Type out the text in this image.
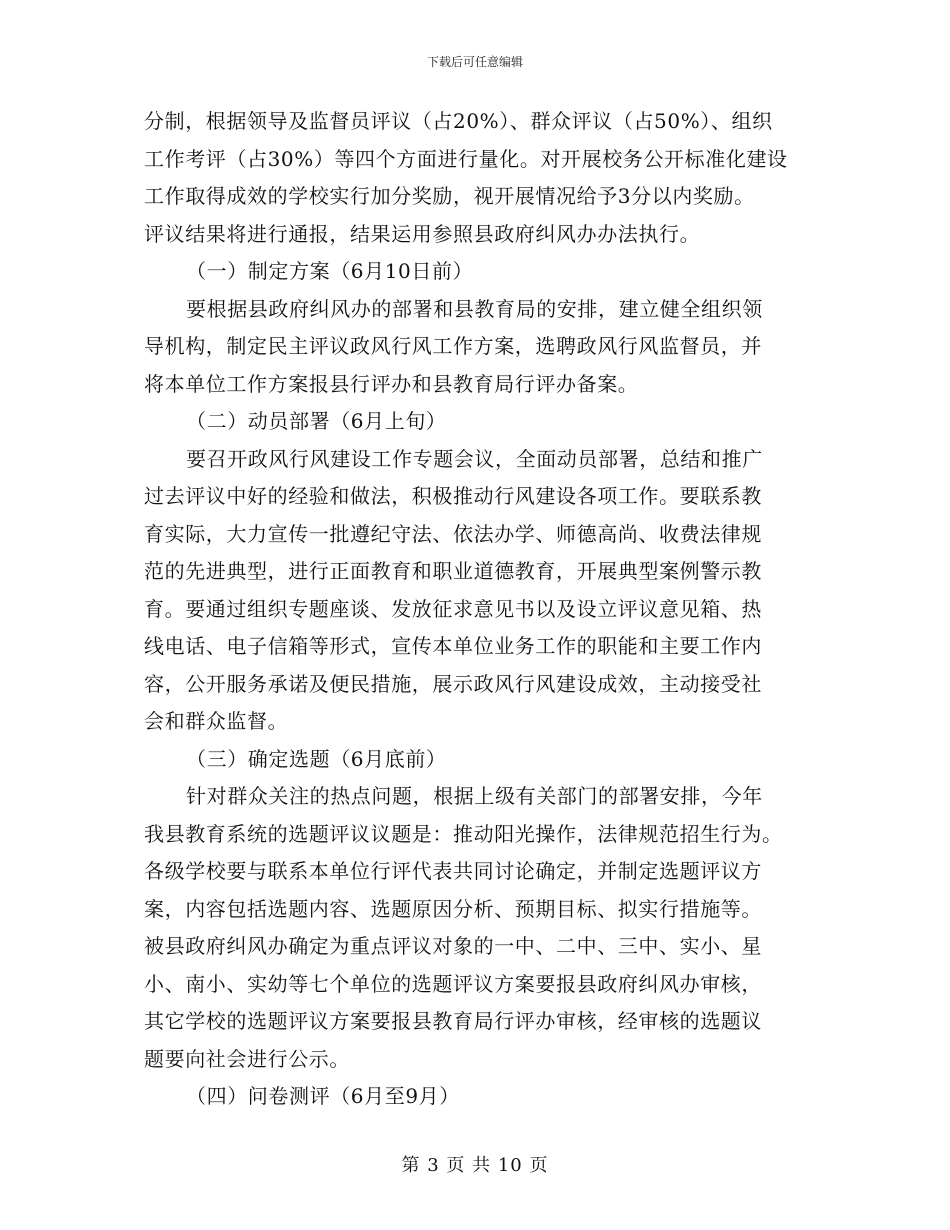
下载后可任意编辑
分制，根据领导及监督员评议（占20%）、群众评议（占50%）、组织
工作考评（占30%）等四个方面进行量化。对开展校务公开标准化建设
工作取得成效的学校实行加分奖励，视开展情况给予3分以内奖励。
评议结果将进行通报，结果运用参照县政府纠风办办法执行。
（一）制定方案（6月10日前）
要根据县政府纠风办的部署和县教育局的安排，建立健全组织领
导机构，制定民主评议政风行风工作方案，选聘政风行风监督员，并
将本单位工作方案报县行评办和县教育局行评办备案。
（二）动员部署（6月上旬）
要召开政风行风建设工作专题会议，全面动员部署，总结和推广
过去评议中好的经验和做法，积极推动行风建设各项工作。要联系教
育实际，大力宣传一批遵纪守法、依法办学、师德高尚、收费法律规
范的先进典型，进行正面教育和职业道德教育，开展典型案例警示教
育。要通过组织专题座谈、发放征求意见书以及设立评议意见箱、热
线电话、电子信箱等形式，宣传本单位业务工作的职能和主要工作内
容，公开服务承诺及便民措施，展示政风行风建设成效，主动接受社
会和群众监督。
（三）确定选题（6月底前）
针对群众关注的热点问题，根据上级有关部门的部署安排，今年
我县教育系统的选题评议议题是：推动阳光操作，法律规范招生行为。
各级学校要与联系本单位行评代表共同讨论确定，并制定选题评议方
案，内容包括选题内容、选题原因分析、预期目标、拟实行措施等。
被县政府纠风办确定为重点评议对象的一中、二中、三中、实小、星
小、南小、实幼等七个单位的选题评议方案要报县政府纠风办审核，
其它学校的选题评议方案要报县教育局行评办审核，经审核的选题议
题要向社会进行公示。
（四）问卷测评（6月至9月）
第 3 页 共 10 页
